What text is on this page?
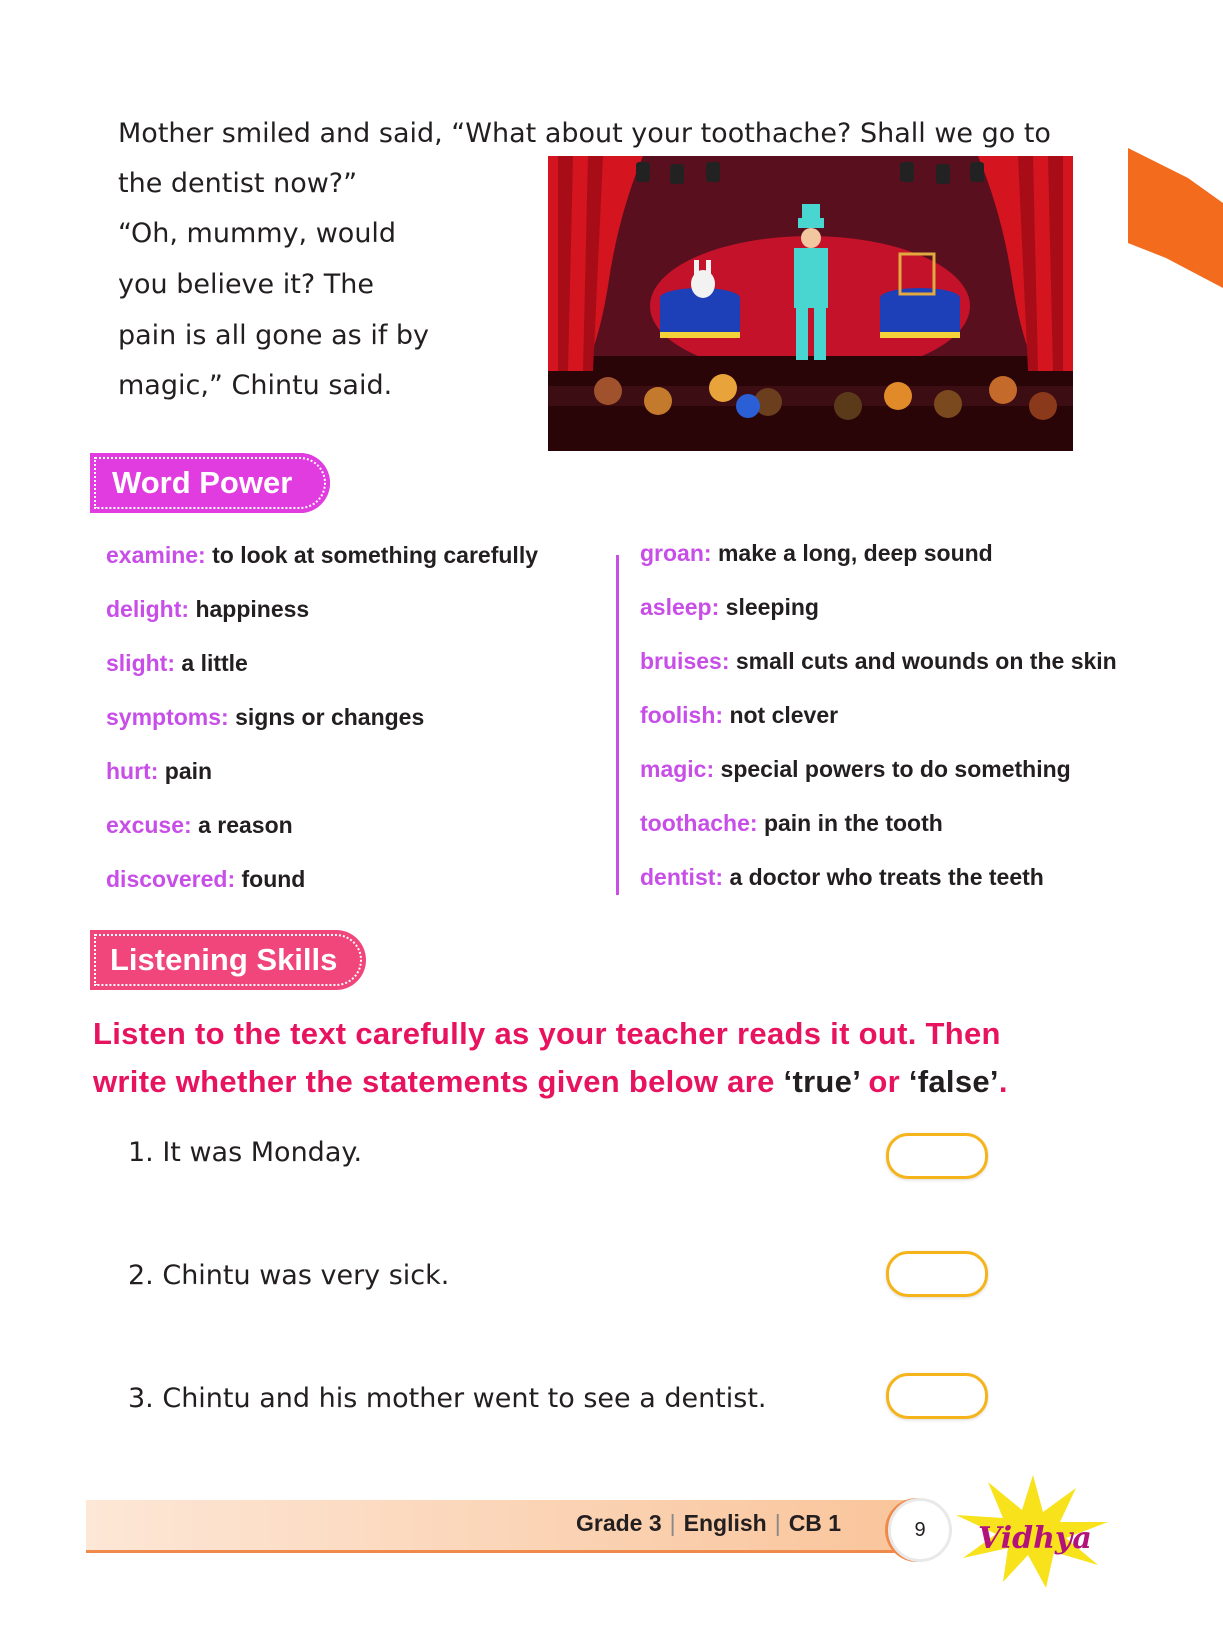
Mother smiled and said, “What about your toothache? Shall we go to
the dentist now?”
“Oh, mummy, would
you believe it? The
pain is all gone as if by
magic,” Chintu said.
Word Power
examine: to look at something carefully
delight: happiness
slight: a little
symptoms: signs or changes
hurt: pain
excuse: a reason
discovered: found
groan: make a long, deep sound
asleep: sleeping
bruises: small cuts and wounds on the skin
foolish: not clever
magic: special powers to do something
toothache: pain in the tooth
dentist: a doctor who treats the teeth
Listening Skills
Listen to the text carefully as your teacher reads it out. Then
write whether the statements given below are ‘true’ or ‘false’.
1. It was Monday.
2. Chintu was very sick.
3. Chintu and his mother went to see a dentist.
Grade 3 | English | CB 1	9	Vidhya
